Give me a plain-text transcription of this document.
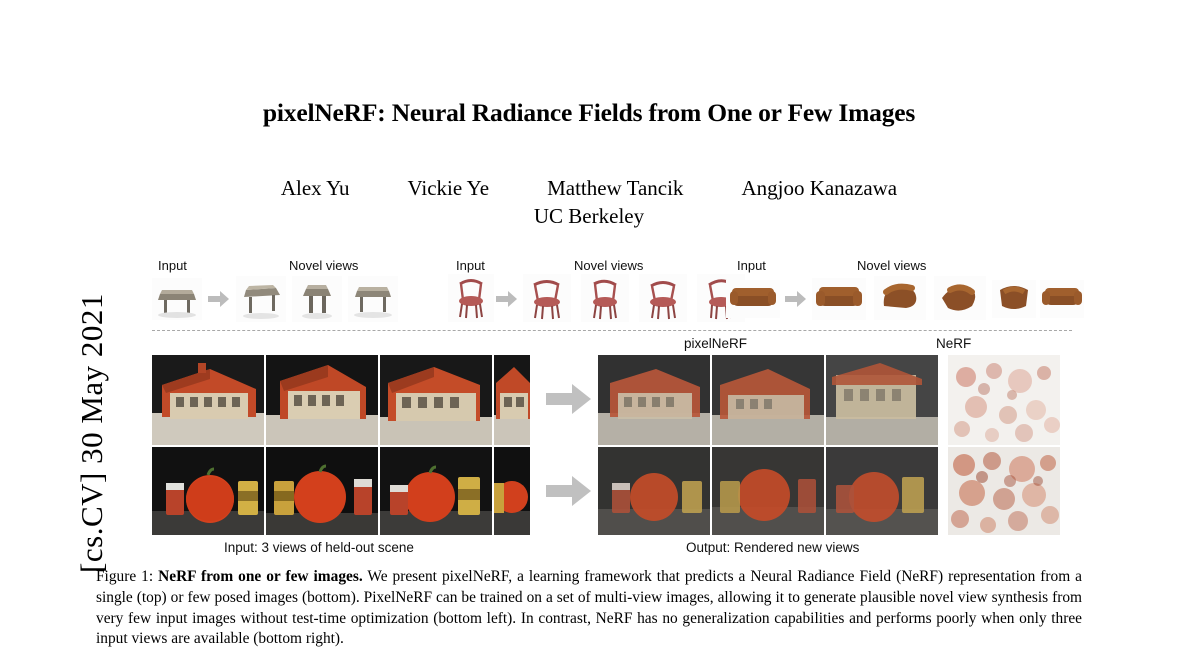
[cs.CV] 30 May 2021
pixelNeRF: Neural Radiance Fields from One or Few Images
Alex Yu	Vickie Ye	Matthew Tancik	Angjoo Kanazawa
UC Berkeley
Input	Novel views	Input	Novel views	Input	Novel views
pixelNeRF	NeRF
Input: 3 views of held-out scene	Output: Rendered new views
Figure 1: NeRF from one or few images. We present pixelNeRF, a learning framework that predicts a Neural Radiance Field (NeRF) representation from a single (top) or few posed images (bottom). PixelNeRF can be trained on a set of multi-view images, allowing it to generate plausible novel view synthesis from very few input images without test-time optimization (bottom left). In contrast, NeRF has no generalization capabilities and performs poorly when only three input views are available (bottom right).
